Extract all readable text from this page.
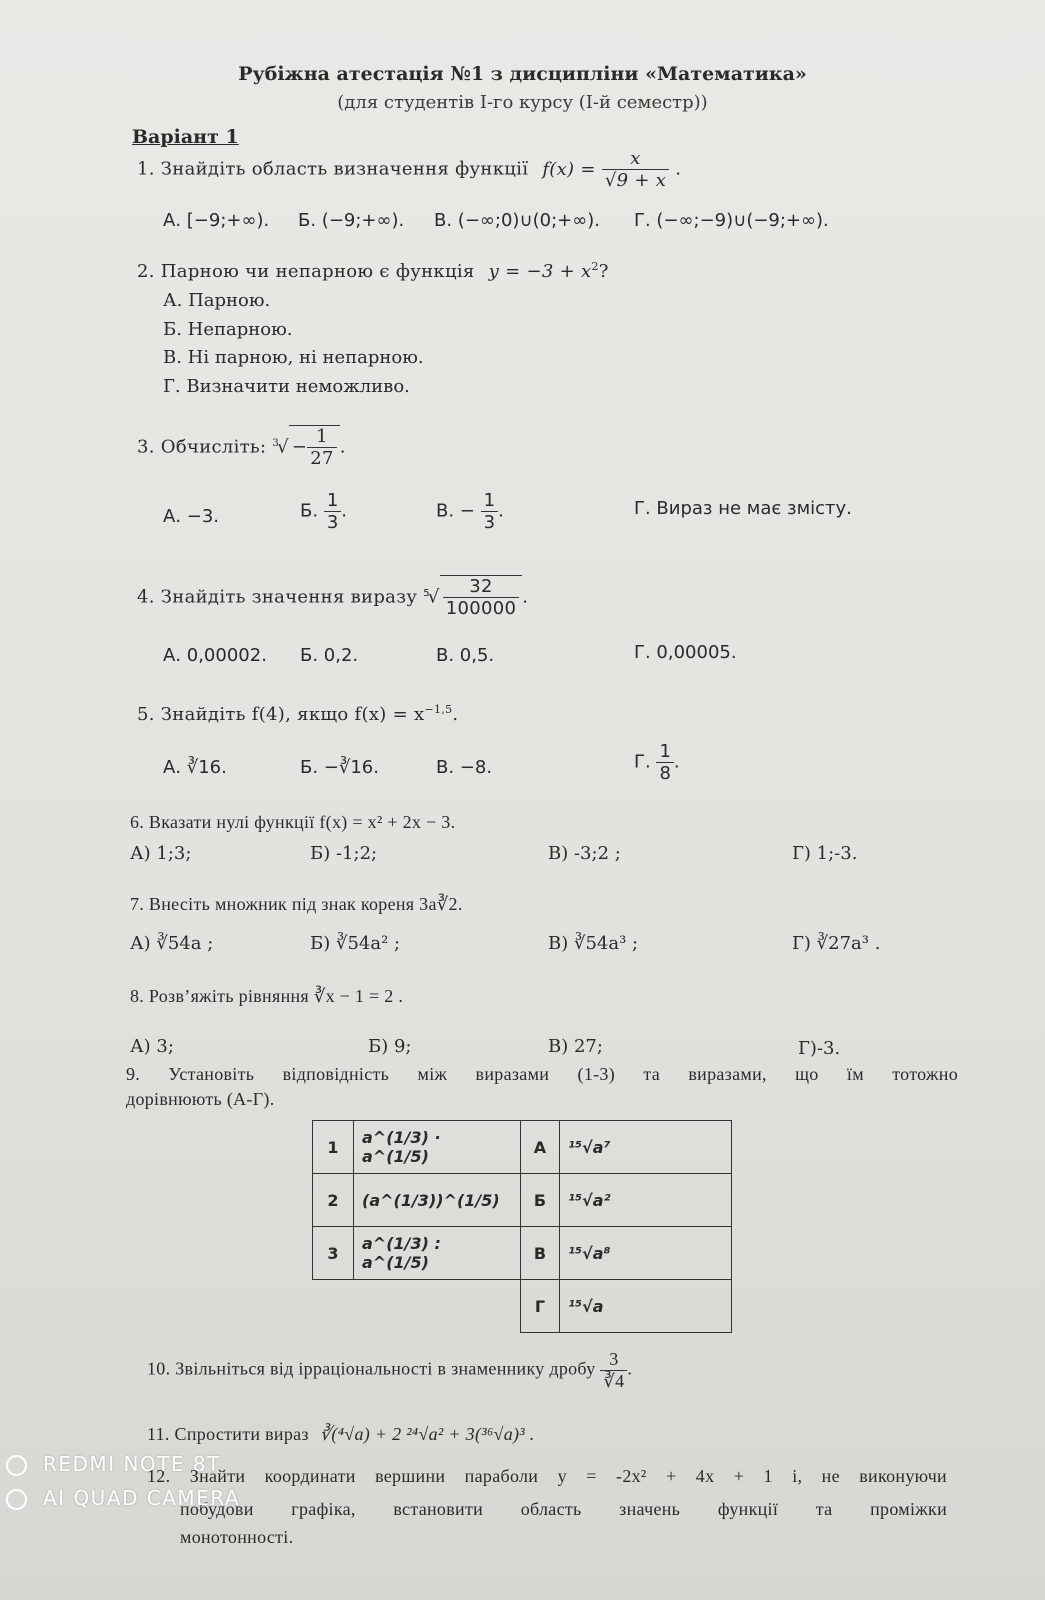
Рубіжна атестація №1 з дисципліни «Математика»
(для студентів І-го курсу (І-й семестр))
Варіант 1
1. Знайдіть область визначення функції $f(x) = \frac{x}{√9 + x}$ .
А. [−9;+∞). Б. (−9;+∞). В. (−∞;0)∪(0;+∞). Г. (−∞;−9)∪(−9;+∞).
2. Парною чи непарною є функція $y = -3 + x^2$?
А. Парною.
Б. Непарною.
В. Ні парною, ні непарною.
Г. Визначити неможливо.
3. Обчисліть: $^3√ - \frac{1}{27}$ .
А. −3.	Б. $\frac{1}{3}$ .	В. − $\frac{1}{3}$ .	Г. Вираз не має змісту.
4. Знайдіть значення виразу $^5√ \frac{32}{100000}$ .
А. 0,00002. Б. 0,2.	В. 0,5.	Г. 0,00005.
5. Знайдіть f(4), якщо $f(x) = x^{-1,5}$.
А. ∛16.	Б. −∛16.	В. −8.	Г. $\frac{1}{8}$ .
6. Вказати нулі функції f(x) = x² + 2x − 3.
А) 1;3;	Б) -1;2;	В) -3;2 ;	Г) 1;-3.
7. Внесіть множник під знак кореня 3a∛2.
А) ∛54a ;	Б) ∛54a² ;	В) ∛54a³ ;	Г) ∛27a³ .
8. Розв’яжіть рівняння ∛x − 1 = 2 .
А) 3;	Б) 9;	В) 27;	Г)-3.
9. Установіть відповідність між виразами (1-3) та виразами, що їм тотожно
дорівнюють (А-Г).
1	a^(1/3) · a^(1/5)	А	¹⁵√a⁷
2	(a^(1/3))^(1/5)	Б	¹⁵√a²
3	a^(1/3) : a^(1/5)	В	¹⁵√a⁸
		Г	¹⁵√a
10. Звільніться від ірраціональності в знаменнику дробу $\frac{3}{∛4}$ .
11. Спростити вираз ∛(⁴√a) + 2 ²⁴√a² + 3(³⁶√a)³ .
12. Знайти координати вершини параболи y = -2x² + 4x + 1 і, не виконуючи
побудови графіка, встановити область значень функції та проміжки
монотонності.
REDMI NOTE 8T
AI QUAD CAMERA
